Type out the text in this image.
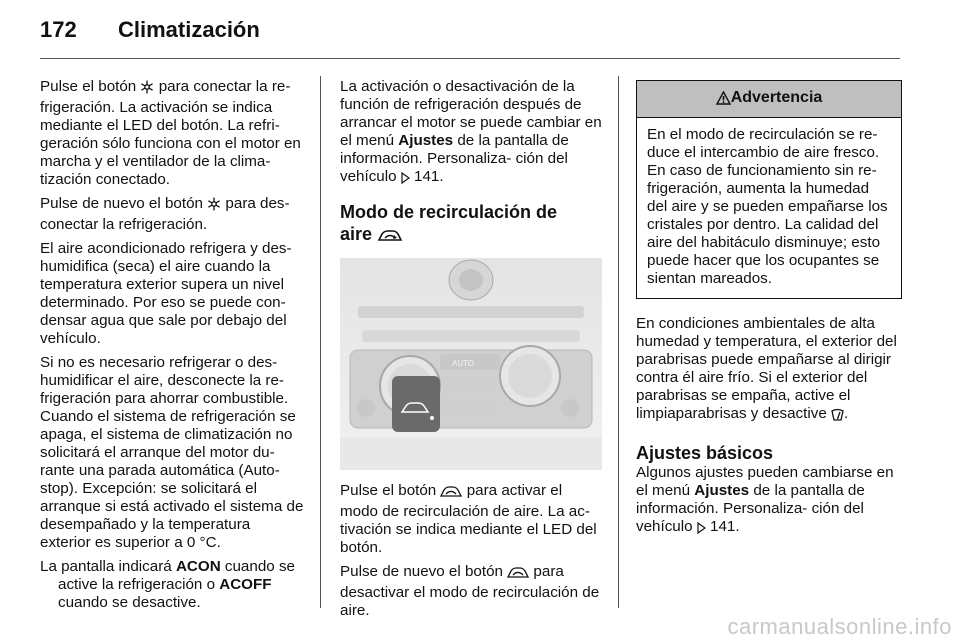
172 Climatización

Pulse el botón  para conectar la re- frigeración. La activación se indica mediante el LED del botón. La refri- geración sólo funciona con el motor en marcha y el ventilador de la clima- tización conectado.

Pulse de nuevo el botón  para des- conectar la refrigeración.

El aire acondicionado refrigera y des- humidifica (seca) el aire cuando la temperatura exterior supera un nivel determinado. Por eso se puede con- densar agua que sale por debajo del vehículo.

Si no es necesario refrigerar o des- humidificar el aire, desconecte la re- frigeración para ahorrar combustible. Cuando el sistema de refrigeración se apaga, el sistema de climatización no solicitará el arranque del motor du- rante una parada automática (Auto- stop). Excepción: se solicitará el arranque si está activado el sistema de desempañado y la temperatura exterior es superior a 0 °C.

La pantalla indicará ACON cuando se active la refrigeración o ACOFF cuando se desactive.

La activación o desactivación de la función de refrigeración después de arrancar el motor se puede cambiar en el menú Ajustes de la pantalla de información. Personaliza- ción del vehículo  141.

Modo de recirculación de
aire
AUTO

Pulse el botón  para activar el modo de recirculación de aire. La ac- tivación se indica mediante el LED del botón.

Pulse de nuevo el botón  para desactivar el modo de recirculación de aire.

Advertencia
En el modo de recirculación se re- duce el intercambio de aire fresco. En caso de funcionamiento sin re- frigeración, aumenta la humedad del aire y se pueden empañarse los cristales por dentro. La calidad del aire del habitáculo disminuye; esto puede hacer que los ocupantes se sientan mareados.

En condiciones ambientales de alta humedad y temperatura, el exterior del parabrisas puede empañarse al dirigir contra él aire frío. Si el exterior del parabrisas se empaña, active el limpiaparabrisas y desactive .

Ajustes básicos

Algunos ajustes pueden cambiarse en el menú Ajustes de la pantalla de información. Personaliza- ción del vehículo  141.

carmanualsonline.info
